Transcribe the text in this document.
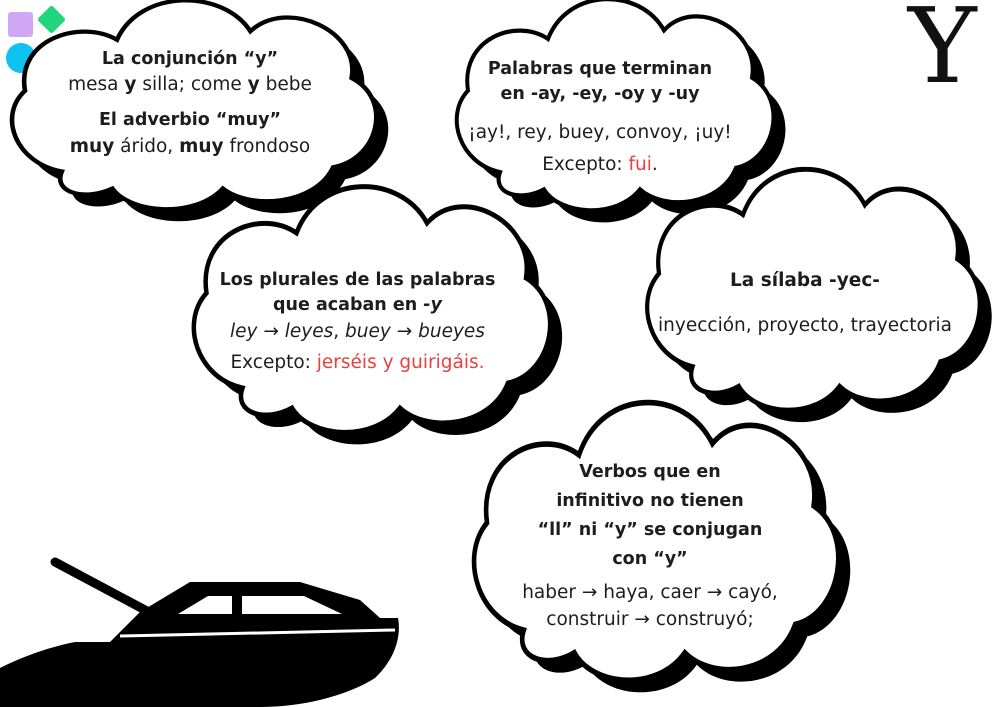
Y
La conjunción “y”
mesa y silla; come y bebe
El adverbio “muy”
muy árido, muy frondoso
Palabras que terminan
en -ay, -ey, -oy y -uy
¡ay!, rey, buey, convoy, ¡uy!
Excepto: fui.
Los plurales de las palabras
que acaban en -y
ley → leyes, buey → bueyes
Excepto: jerséis y guirigáis.
La sílaba -yec-
inyección, proyecto, trayectoria
Verbos que en
infinitivo no tienen
“ll” ni “y” se conjugan
con “y”
haber → haya, caer → cayó,
construir → construyó;
